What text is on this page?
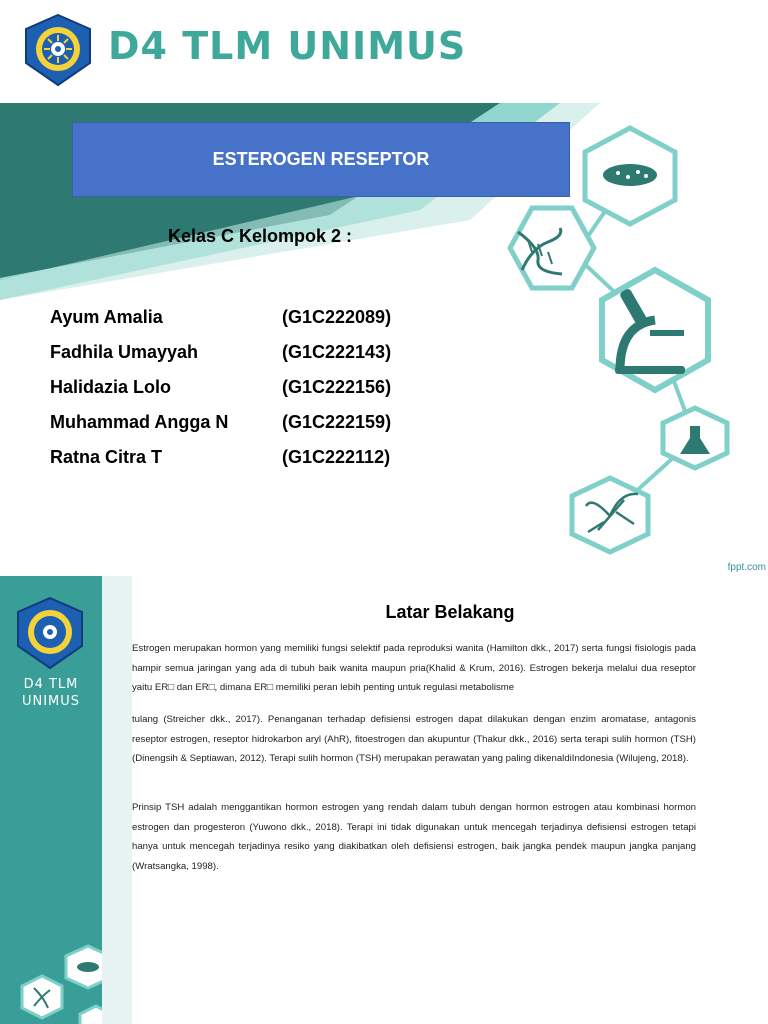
D4 TLM UNIMUS
ESTEROGEN RESEPTOR
Kelas C Kelompok 2 :
Ayum Amalia	(G1C222089)
Fadhila Umayyah	(G1C222143)
Halidazia Lolo	(G1C222156)
Muhammad Angga N	(G1C222159)
Ratna Citra T	(G1C222112)
fppt.com
D4 TLM
UNIMUS
Latar Belakang

Estrogen merupakan hormon yang memiliki fungsi selektif pada reproduksi wanita (Hamilton dkk., 2017) serta fungsi fisiologis pada hampir semua jaringan yang ada di tubuh baik wanita maupun pria(Khalid & Krum, 2016). Estrogen bekerja melalui dua reseptor yaitu ER□ dan ER□, dimana ER□ memiliki peran lebih penting untuk regulasi metabolisme

tulang (Streicher dkk., 2017). Penanganan terhadap defisiensi estrogen dapat dilakukan dengan enzim aromatase, antagonis reseptor estrogen, reseptor hidrokarbon aryl (AhR), fitoestrogen dan akupuntur (Thakur dkk., 2016) serta terapi sulih hormon (TSH) (Dinengsih & Septiawan, 2012). Terapi sulih hormon (TSH) merupakan perawatan yang paling dikenaldiIndonesia (Wilujeng, 2018).

Prinsip TSH adalah menggantikan hormon estrogen yang rendah dalam tubuh dengan hormon estrogen atau kombinasi hormon estrogen dan progesteron (Yuwono dkk., 2018). Terapi ini tidak digunakan untuk mencegah terjadinya defisiensi estrogen tetapi hanya untuk mencegah terjadinya resiko yang diakibatkan oleh defisiensi estrogen, baik jangka pendek maupun jangka panjang (Wratsangka, 1998).
